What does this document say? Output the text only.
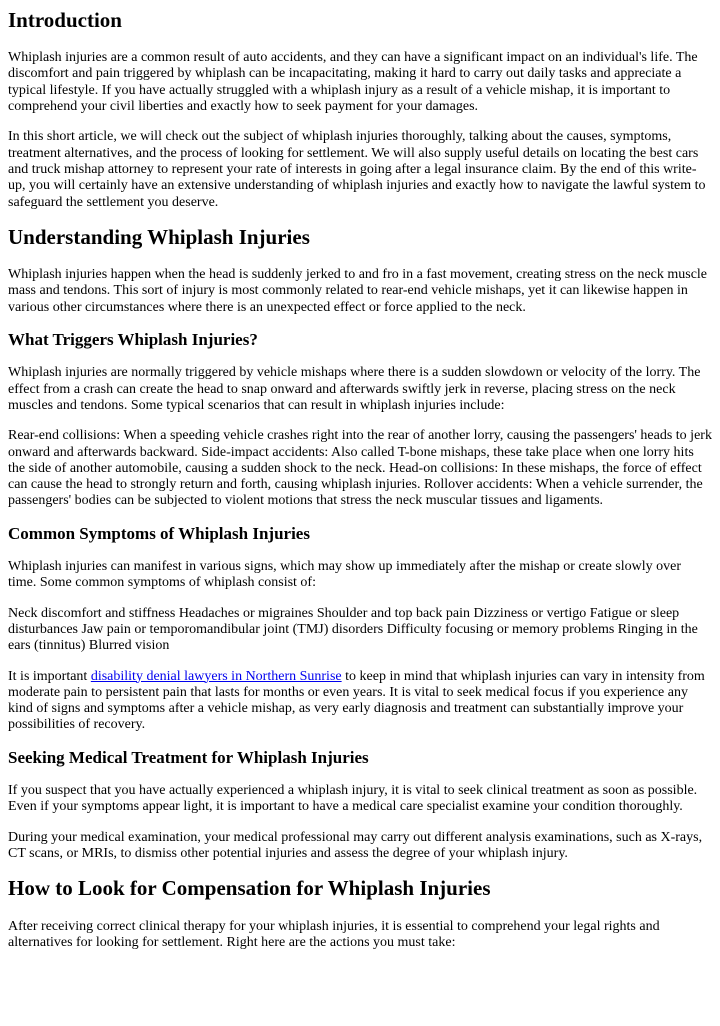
Introduction

Whiplash injuries are a common result of auto accidents, and they can have a significant impact on an individual's life. The discomfort and pain triggered by whiplash can be incapacitating, making it hard to carry out daily tasks and appreciate a typical lifestyle. If you have actually struggled with a whiplash injury as a result of a vehicle mishap, it is important to comprehend your civil liberties and exactly how to seek payment for your damages.

In this short article, we will check out the subject of whiplash injuries thoroughly, talking about the causes, symptoms, treatment alternatives, and the process of looking for settlement. We will also supply useful details on locating the best cars and truck mishap attorney to represent your rate of interests in going after a legal insurance claim. By the end of this write-up, you will certainly have an extensive understanding of whiplash injuries and exactly how to navigate the lawful system to safeguard the settlement you deserve.

Understanding Whiplash Injuries

Whiplash injuries happen when the head is suddenly jerked to and fro in a fast movement, creating stress on the neck muscle mass and tendons. This sort of injury is most commonly related to rear-end vehicle mishaps, yet it can likewise happen in various other circumstances where there is an unexpected effect or force applied to the neck.

What Triggers Whiplash Injuries?

Whiplash injuries are normally triggered by vehicle mishaps where there is a sudden slowdown or velocity of the lorry. The effect from a crash can create the head to snap onward and afterwards swiftly jerk in reverse, placing stress on the neck muscles and tendons. Some typical scenarios that can result in whiplash injuries include:

Rear-end collisions: When a speeding vehicle crashes right into the rear of another lorry, causing the passengers' heads to jerk onward and afterwards backward. Side-impact accidents: Also called T-bone mishaps, these take place when one lorry hits the side of another automobile, causing a sudden shock to the neck. Head-on collisions: In these mishaps, the force of effect can cause the head to strongly return and forth, causing whiplash injuries. Rollover accidents: When a vehicle surrender, the passengers' bodies can be subjected to violent motions that stress the neck muscular tissues and ligaments.

Common Symptoms of Whiplash Injuries

Whiplash injuries can manifest in various signs, which may show up immediately after the mishap or create slowly over time. Some common symptoms of whiplash consist of:

Neck discomfort and stiffness Headaches or migraines Shoulder and top back pain Dizziness or vertigo Fatigue or sleep disturbances Jaw pain or temporomandibular joint (TMJ) disorders Difficulty focusing or memory problems Ringing in the ears (tinnitus) Blurred vision

It is important disability denial lawyers in Northern Sunrise to keep in mind that whiplash injuries can vary in intensity from moderate pain to persistent pain that lasts for months or even years. It is vital to seek medical focus if you experience any kind of signs and symptoms after a vehicle mishap, as very early diagnosis and treatment can substantially improve your possibilities of recovery.

Seeking Medical Treatment for Whiplash Injuries

If you suspect that you have actually experienced a whiplash injury, it is vital to seek clinical treatment as soon as possible. Even if your symptoms appear light, it is important to have a medical care specialist examine your condition thoroughly.

During your medical examination, your medical professional may carry out different analysis examinations, such as X-rays, CT scans, or MRIs, to dismiss other potential injuries and assess the degree of your whiplash injury.

How to Look for Compensation for Whiplash Injuries

After receiving correct clinical therapy for your whiplash injuries, it is essential to comprehend your legal rights and alternatives for looking for settlement. Right here are the actions you must take:
